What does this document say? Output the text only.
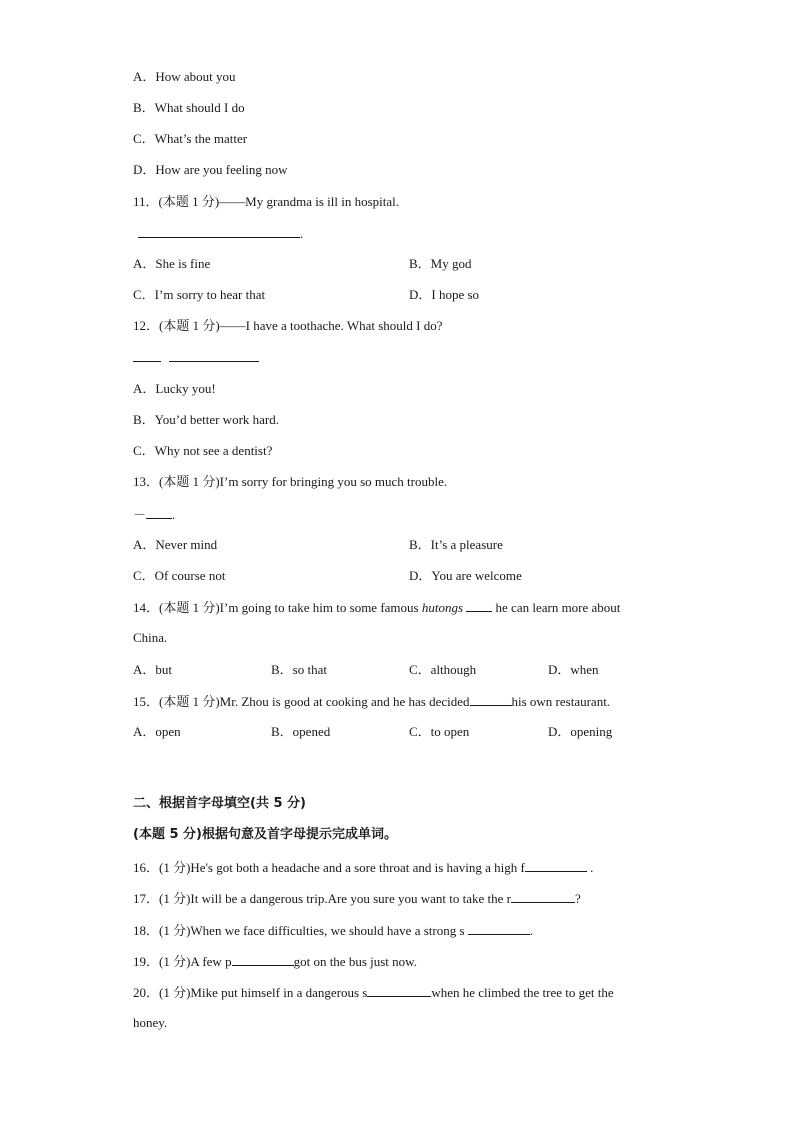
A．How about you
B．What should I do
C．What’s the matter
D．How are you feeling now
11．(本题 1 分)——My grandma is ill in hospital.
.
A．She is fine	B．My god
C．I’m sorry to hear that	D．I hope so
12．(本题 1 分)——I have a toothache. What should I do?
A．Lucky you!
B．You’d better work hard.
C．Why not see a dentist?
13．(本题 1 分)I’m sorry for bringing you so much trouble.
－ .
A．Never mind	B．It’s a pleasure
C．Of course not	D．You are welcome
14．(本题 1 分)I’m going to take him to some famous hutongs  he can learn more about
China.
A．but	B．so that	C．although	D．when
15．(本题 1 分)Mr. Zhou is good at cooking and he has decided	his own restaurant.
A．open	B．opened	C．to open	D．opening
二、根据首字母填空(共 5 分)
(本题 5 分)根据句意及首字母提示完成单词。
16．(1 分)He's got both a headache and a sore throat and is having a high f	.
17．(1 分)It will be a dangerous trip.Are you sure you want to take the r	?
18．(1 分)When we face difficulties, we should have a strong s	.
19．(1 分)A few p	got on the bus just now.
20．(1 分)Mike put himself in a dangerous s	when he climbed the tree to get the
honey.
